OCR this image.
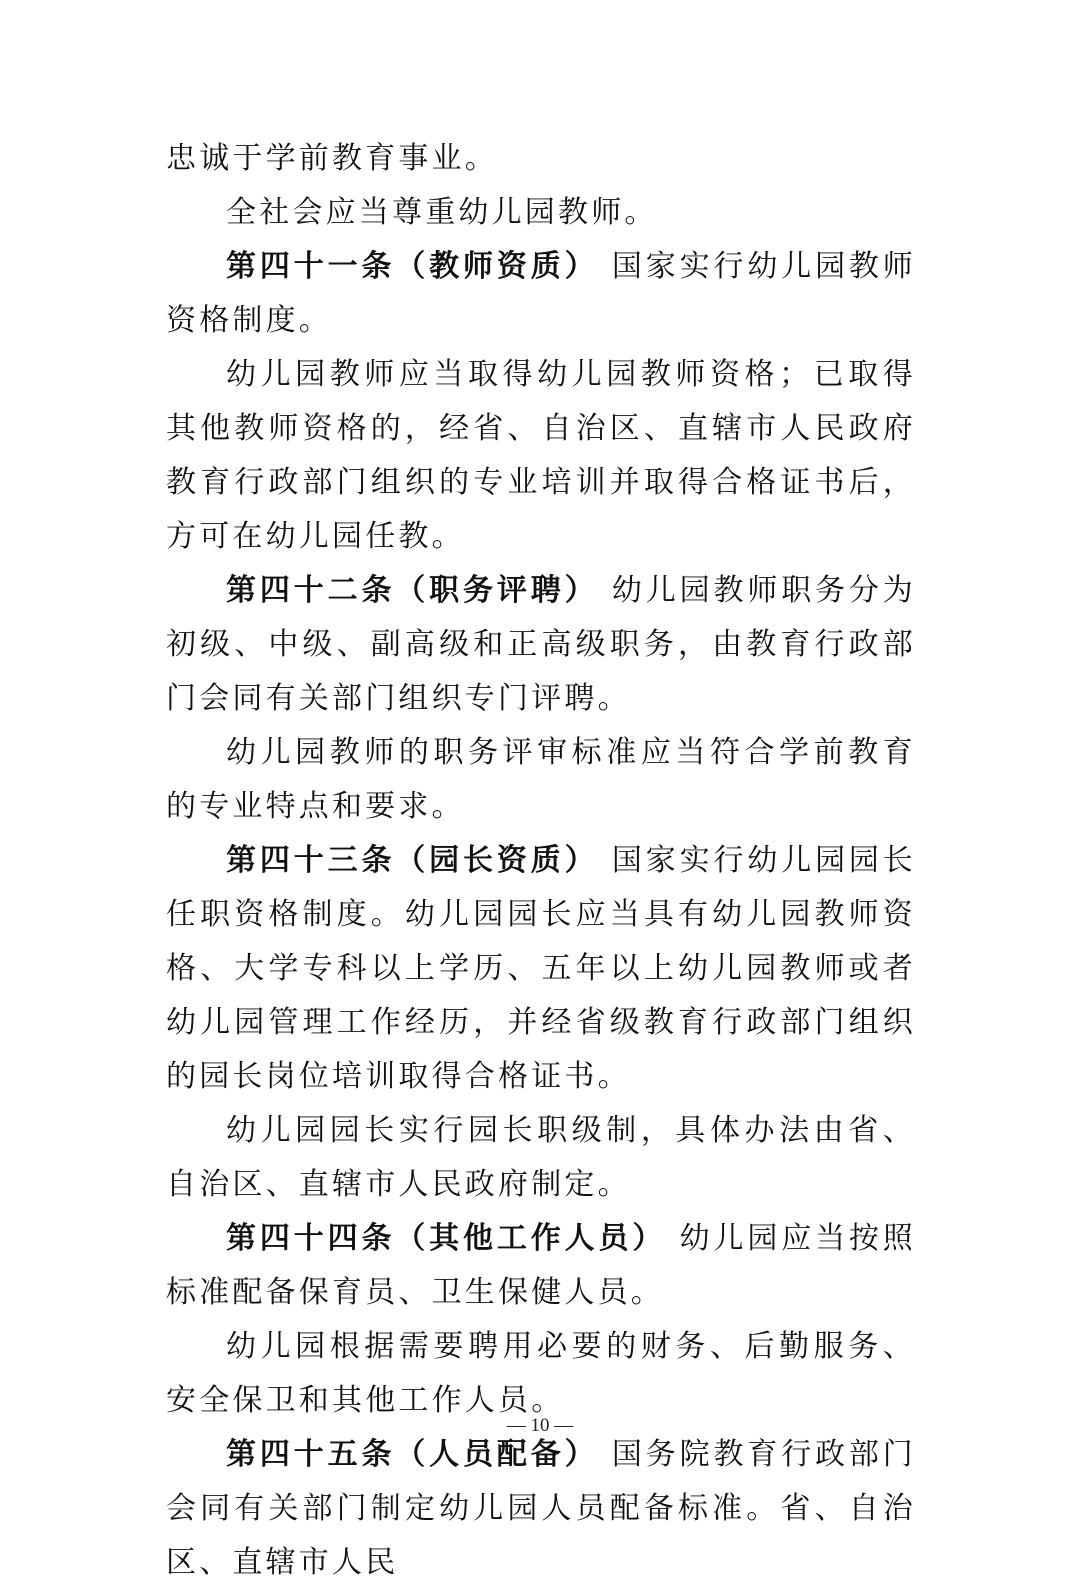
忠诚于学前教育事业。

全社会应当尊重幼儿园教师。

第四十一条（教师资质） 国家实行幼儿园教师资格制度。

幼儿园教师应当取得幼儿园教师资格；已取得其他教师资格的，经省、自治区、直辖市人民政府教育行政部门组织的专业培训并取得合格证书后，方可在幼儿园任教。

第四十二条（职务评聘） 幼儿园教师职务分为初级、中级、副高级和正高级职务，由教育行政部门会同有关部门组织专门评聘。

幼儿园教师的职务评审标准应当符合学前教育的专业特点和要求。

第四十三条（园长资质） 国家实行幼儿园园长任职资格制度。幼儿园园长应当具有幼儿园教师资格、大学专科以上学历、五年以上幼儿园教师或者幼儿园管理工作经历，并经省级教育行政部门组织的园长岗位培训取得合格证书。

幼儿园园长实行园长职级制，具体办法由省、自治区、直辖市人民政府制定。

第四十四条（其他工作人员） 幼儿园应当按照标准配备保育员、卫生保健人员。

幼儿园根据需要聘用必要的财务、后勤服务、安全保卫和其他工作人员。

第四十五条（人员配备） 国务院教育行政部门会同有关部门制定幼儿园人员配备标准。省、自治区、直辖市人民

— 10 —
